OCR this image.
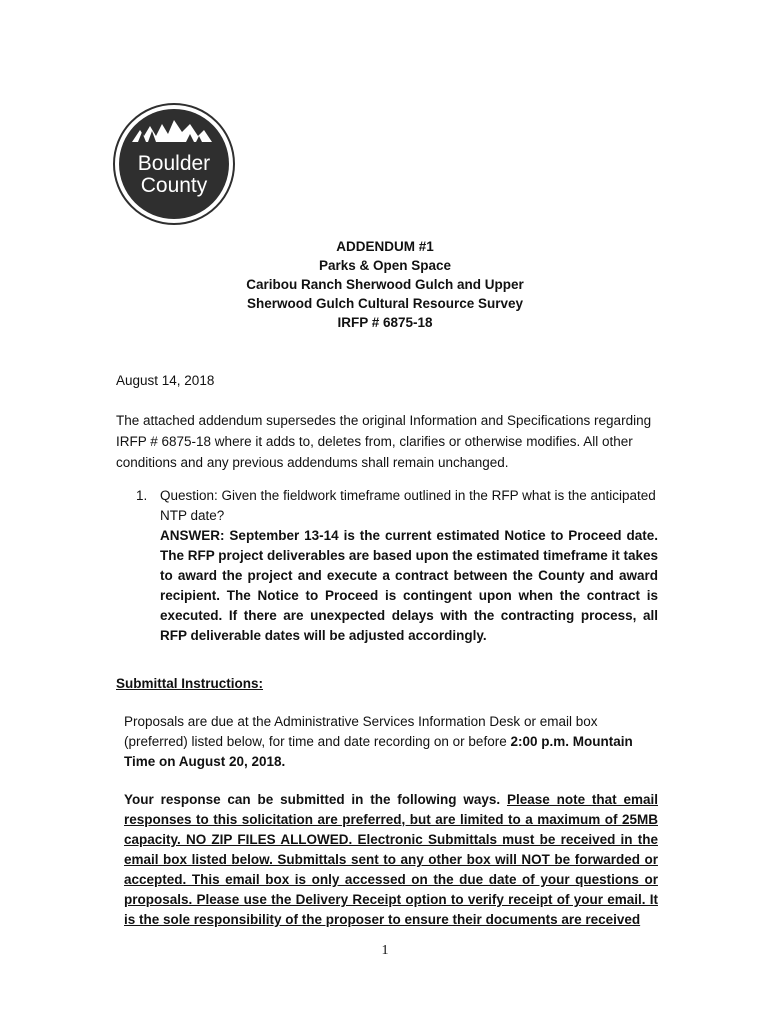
Boulder
County
ADDENDUM #1
Parks & Open Space
Caribou Ranch Sherwood Gulch and Upper
Sherwood Gulch Cultural Resource Survey
IRFP # 6875-18
August 14, 2018
The attached addendum supersedes the original Information and Specifications regarding IRFP # 6875-18 where it adds to, deletes from, clarifies or otherwise modifies. All other conditions and any previous addendums shall remain unchanged.
1. Question: Given the fieldwork timeframe outlined in the RFP what is the anticipated NTP date?
ANSWER: September 13-14 is the current estimated Notice to Proceed date. The RFP project deliverables are based upon the estimated timeframe it takes to award the project and execute a contract between the County and award recipient. The Notice to Proceed is contingent upon when the contract is executed. If there are unexpected delays with the contracting process, all RFP deliverable dates will be adjusted accordingly.
Submittal Instructions:
Proposals are due at the Administrative Services Information Desk or email box (preferred) listed below, for time and date recording on or before 2:00 p.m. Mountain Time on August 20, 2018.
Your response can be submitted in the following ways. Please note that email responses to this solicitation are preferred, but are limited to a maximum of 25MB capacity. NO ZIP FILES ALLOWED. Electronic Submittals must be received in the email box listed below. Submittals sent to any other box will NOT be forwarded or accepted. This email box is only accessed on the due date of your questions or proposals. Please use the Delivery Receipt option to verify receipt of your email. It is the sole responsibility of the proposer to ensure their documents are received
1
